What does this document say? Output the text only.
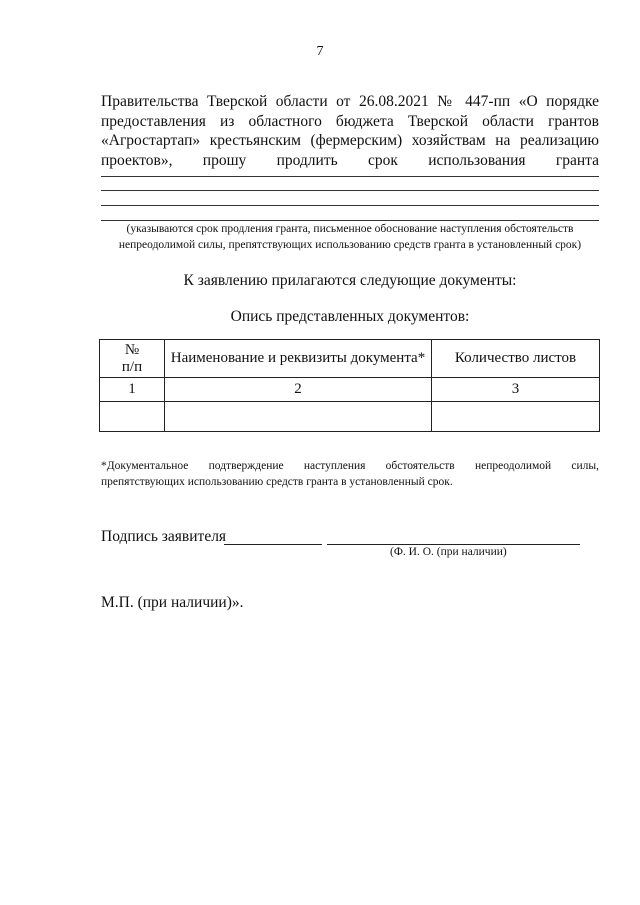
7
Правительства Тверской области от 26.08.2021 № 447-пп «О порядке
предоставления из областного бюджета Тверской области грантов
«Агростартап» крестьянским (фермерским) хозяйствам на реализацию
проектов», прошу продлить срок использования гранта
(указываются срок продления гранта, письменное обоснование наступления обстоятельств
непреодолимой силы, препятствующих использованию средств гранта в установленный срок)
К заявлению прилагаются следующие документы:
Опись представленных документов:
№
п/п	Наименование и реквизиты документа*	Количество листов
1	2	3

*Документальное подтверждение наступления обстоятельств непреодолимой силы,
препятствующих использованию средств гранта в установленный срок.
Подпись заявителя
(Ф. И. О. (при наличии)
М.П. (при наличии)».
